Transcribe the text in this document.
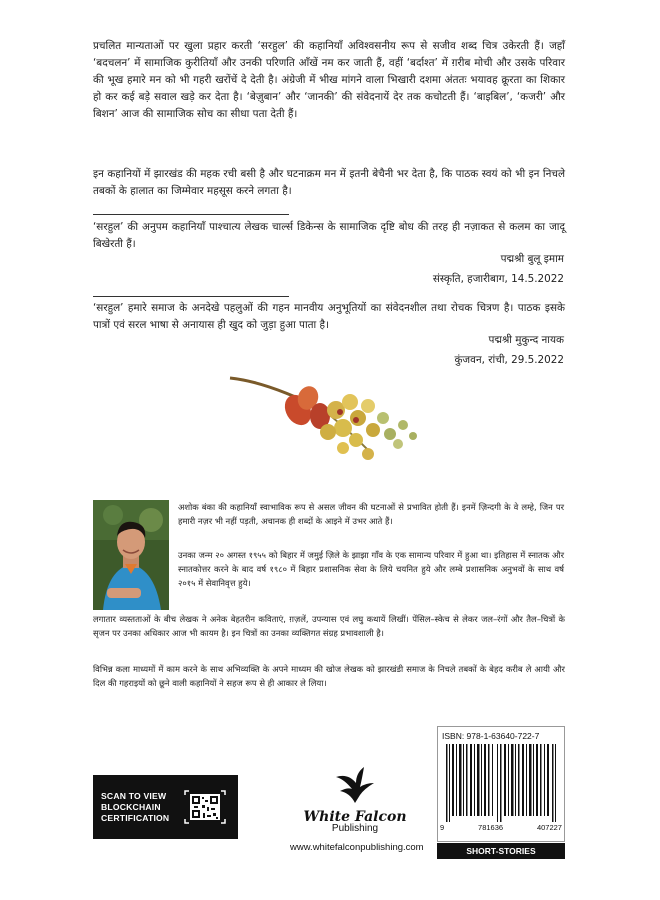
प्रचलित मान्यताओं पर खुला प्रहार करती ‘सरहुल’ की कहानियाँ अविश्वसनीय रूप से सजीव शब्द चित्र उकेरती हैं। जहाँ ‘बदचलन’ में सामाजिक कुरीतियाँ और उनकी परिणति आँखें नम कर जाती हैं, वहीं ‘बर्दाश्त’ में ग़रीब मोची और उसके परिवार की भूख हमारे मन को भी गहरी खरोंचें दे देती है। अंग्रेजी में भीख मांगने वाला भिखारी दशमा अंततः भयावह क्रूरता का शिकार हो कर कई बड़े सवाल खड़े कर देता है। ‘बेज़ुबान’ और ‘जानकी’ की संवेदनायें देर तक कचोटती हैं। ‘बाइबिल’, ‘कजरी’ और बिशन’ आज की सामाजिक सोच का सीधा पता देती हैं।

इन कहानियों में झारखंड की महक रची बसी है और घटनाक्रम मन में इतनी बेचैनी भर देता है, कि पाठक स्वयं को भी इन निचले तबकों के हालात का जिम्मेवार महसूस करने लगता है।

‘सरहुल’ की अनुपम कहानियाँ पाश्चात्य लेखक चार्ल्स डिकेन्स के सामाजिक दृष्टि बोध की तरह ही नज़ाकत से कलम का जादू बिखेरती हैं।

पद्मश्री बुलू इमाम
संस्कृति, हजारीबाग, 14.5.2022

‘सरहुल’ हमारे समाज के अनदेखे पहलुओं की गहन मानवीय अनुभूतियों का संवेदनशील तथा रोचक चित्रण है। पाठक इसके पात्रों एवं सरल भाषा से अनायास ही खुद को जुड़ा हुआ पाता है।

पद्मश्री मुकुन्द नायक
कुंजवन, रांची, 29.5.2022

अशोक बंका की कहानियाँ स्वाभाविक रूप से असल जीवन की घटनाओं से प्रभावित होती हैं। इनमें ज़िन्दगी के वे लम्हे, जिन पर हमारी नज़र भी नहीं पड़ती, अचानक ही शब्दों के आइने में उभर आते हैं।

उनका जन्म २० अगस्त १९५५ को बिहार में जमुई ज़िले के झाझा गाँव के एक सामान्य परिवार में हुआ था। इतिहास में स्नातक और स्नातकोत्तर करने के बाद वर्ष १९८० में बिहार प्रशासनिक सेवा के लिये चयनित हुये और लम्बे प्रशासनिक अनुभवों के साथ वर्ष २०१५ में सेवानिवृत्त हुये।

लगातार व्यस्तताओं के बीच लेखक ने अनेक बेहतरीन कविताएं, ग़ज़लें, उपन्यास एवं लघु कथायें लिखीं। पेंसिल–स्केच से लेकर जल–रंगों और तैल–चित्रों के सृजन पर उनका अधिकार आज भी कायम है। इन चित्रों का उनका व्यक्तिगत संग्रह प्रभावशाली है।

विभिन्न कला माध्यमों में काम करने के साथ अभिव्यक्ति के अपने माध्यम की खोज लेखक को झारखंडी समाज के निचले तबकों के बेहद करीब ले आयी और दिल की गहराइयों को छूने वाली कहानियों ने सहज रूप से ही आकार ले लिया।

SCAN TO VIEW
BLOCKCHAIN
CERTIFICATION	White Falcon
Publishing
www.whitefalconpublishing.com
ISBN: 978-1-63640-722-7
9	781636	407227
SHORT-STORIES
